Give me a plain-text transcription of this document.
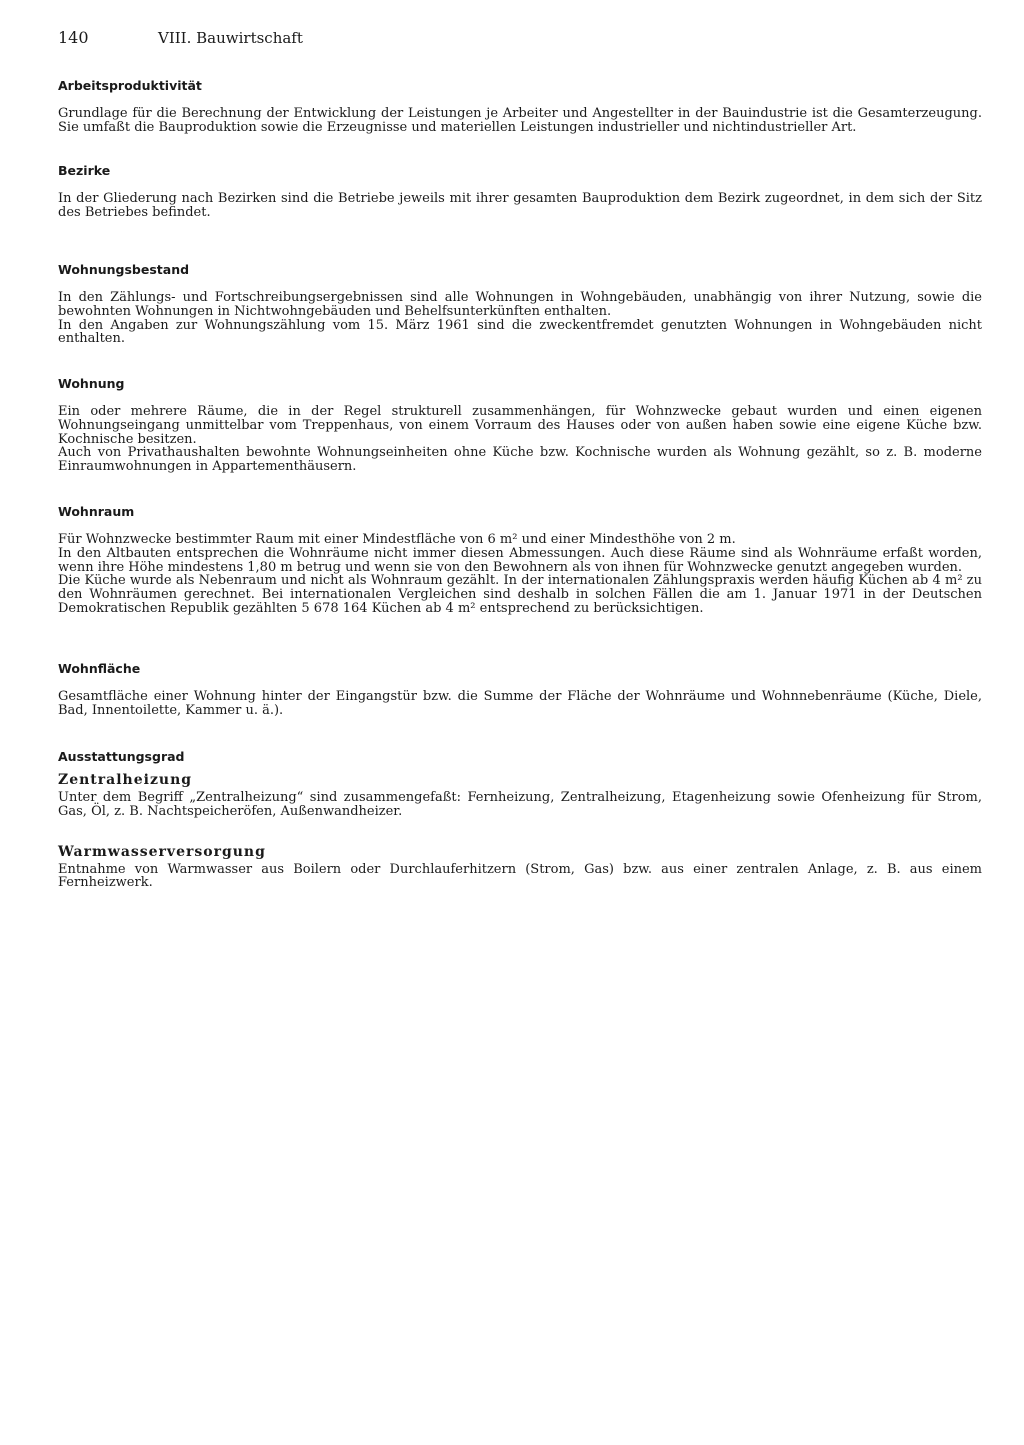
140	VIII. Bauwirtschaft
Arbeitsproduktivität

Grundlage für die Berechnung der Entwicklung der Leistungen je Arbeiter und Angestellter in der Bauindustrie ist die Gesamterzeugung. Sie umfaßt die Bauproduktion sowie die Erzeugnisse und materiellen Leistungen industrieller und nichtindustrieller Art.

Bezirke

In der Gliederung nach Bezirken sind die Betriebe jeweils mit ihrer gesamten Bauproduktion dem Bezirk zugeordnet, in dem sich der Sitz des Betriebes befindet.

Wohnungsbestand

In den Zählungs- und Fortschreibungsergebnissen sind alle Wohnungen in Wohngebäuden, unabhängig von ihrer Nutzung, sowie die bewohnten Wohnungen in Nichtwohngebäuden und Behelfsunterkünften enthalten.

In den Angaben zur Wohnungszählung vom 15. März 1961 sind die zweckentfremdet genutzten Wohnungen in Wohngebäuden nicht enthalten.

Wohnung

Ein oder mehrere Räume, die in der Regel strukturell zusammenhängen, für Wohnzwecke gebaut wurden und einen eigenen Wohnungseingang unmittelbar vom Treppenhaus, von einem Vorraum des Hauses oder von außen haben sowie eine eigene Küche bzw. Kochnische besitzen.

Auch von Privathaushalten bewohnte Wohnungseinheiten ohne Küche bzw. Kochnische wurden als Wohnung gezählt, so z. B. moderne Einraumwohnungen in Appartementhäusern.

Wohnraum

Für Wohnzwecke bestimmter Raum mit einer Mindestfläche von 6 m² und einer Mindesthöhe von 2 m.

In den Altbauten entsprechen die Wohnräume nicht immer diesen Abmessungen. Auch diese Räume sind als Wohnräume erfaßt worden, wenn ihre Höhe mindestens 1,80 m betrug und wenn sie von den Bewohnern als von ihnen für Wohnzwecke genutzt angegeben wurden.

Die Küche wurde als Nebenraum und nicht als Wohnraum gezählt. In der internationalen Zählungspraxis werden häufig Küchen ab 4 m² zu den Wohnräumen gerechnet. Bei internationalen Vergleichen sind deshalb in solchen Fällen die am 1. Januar 1971 in der Deutschen Demokratischen Republik gezählten 5 678 164 Küchen ab 4 m² entsprechend zu berücksichtigen.

Wohnfläche

Gesamtfläche einer Wohnung hinter der Eingangstür bzw. die Summe der Fläche der Wohnräume und Wohnnebenräume (Küche, Diele, Bad, Innentoilette, Kammer u. ä.).

Ausstattungsgrad
Zentralheizung

Unter dem Begriff „Zentralheizung“ sind zusammengefaßt: Fernheizung, Zentralheizung, Etagenheizung sowie Ofenheizung für Strom, Gas, Öl, z. B. Nachtspeicheröfen, Außenwandheizer.

Warmwasserversorgung

Entnahme von Warmwasser aus Boilern oder Durchlauferhitzern (Strom, Gas) bzw. aus einer zentralen Anlage, z. B. aus einem Fernheizwerk.
